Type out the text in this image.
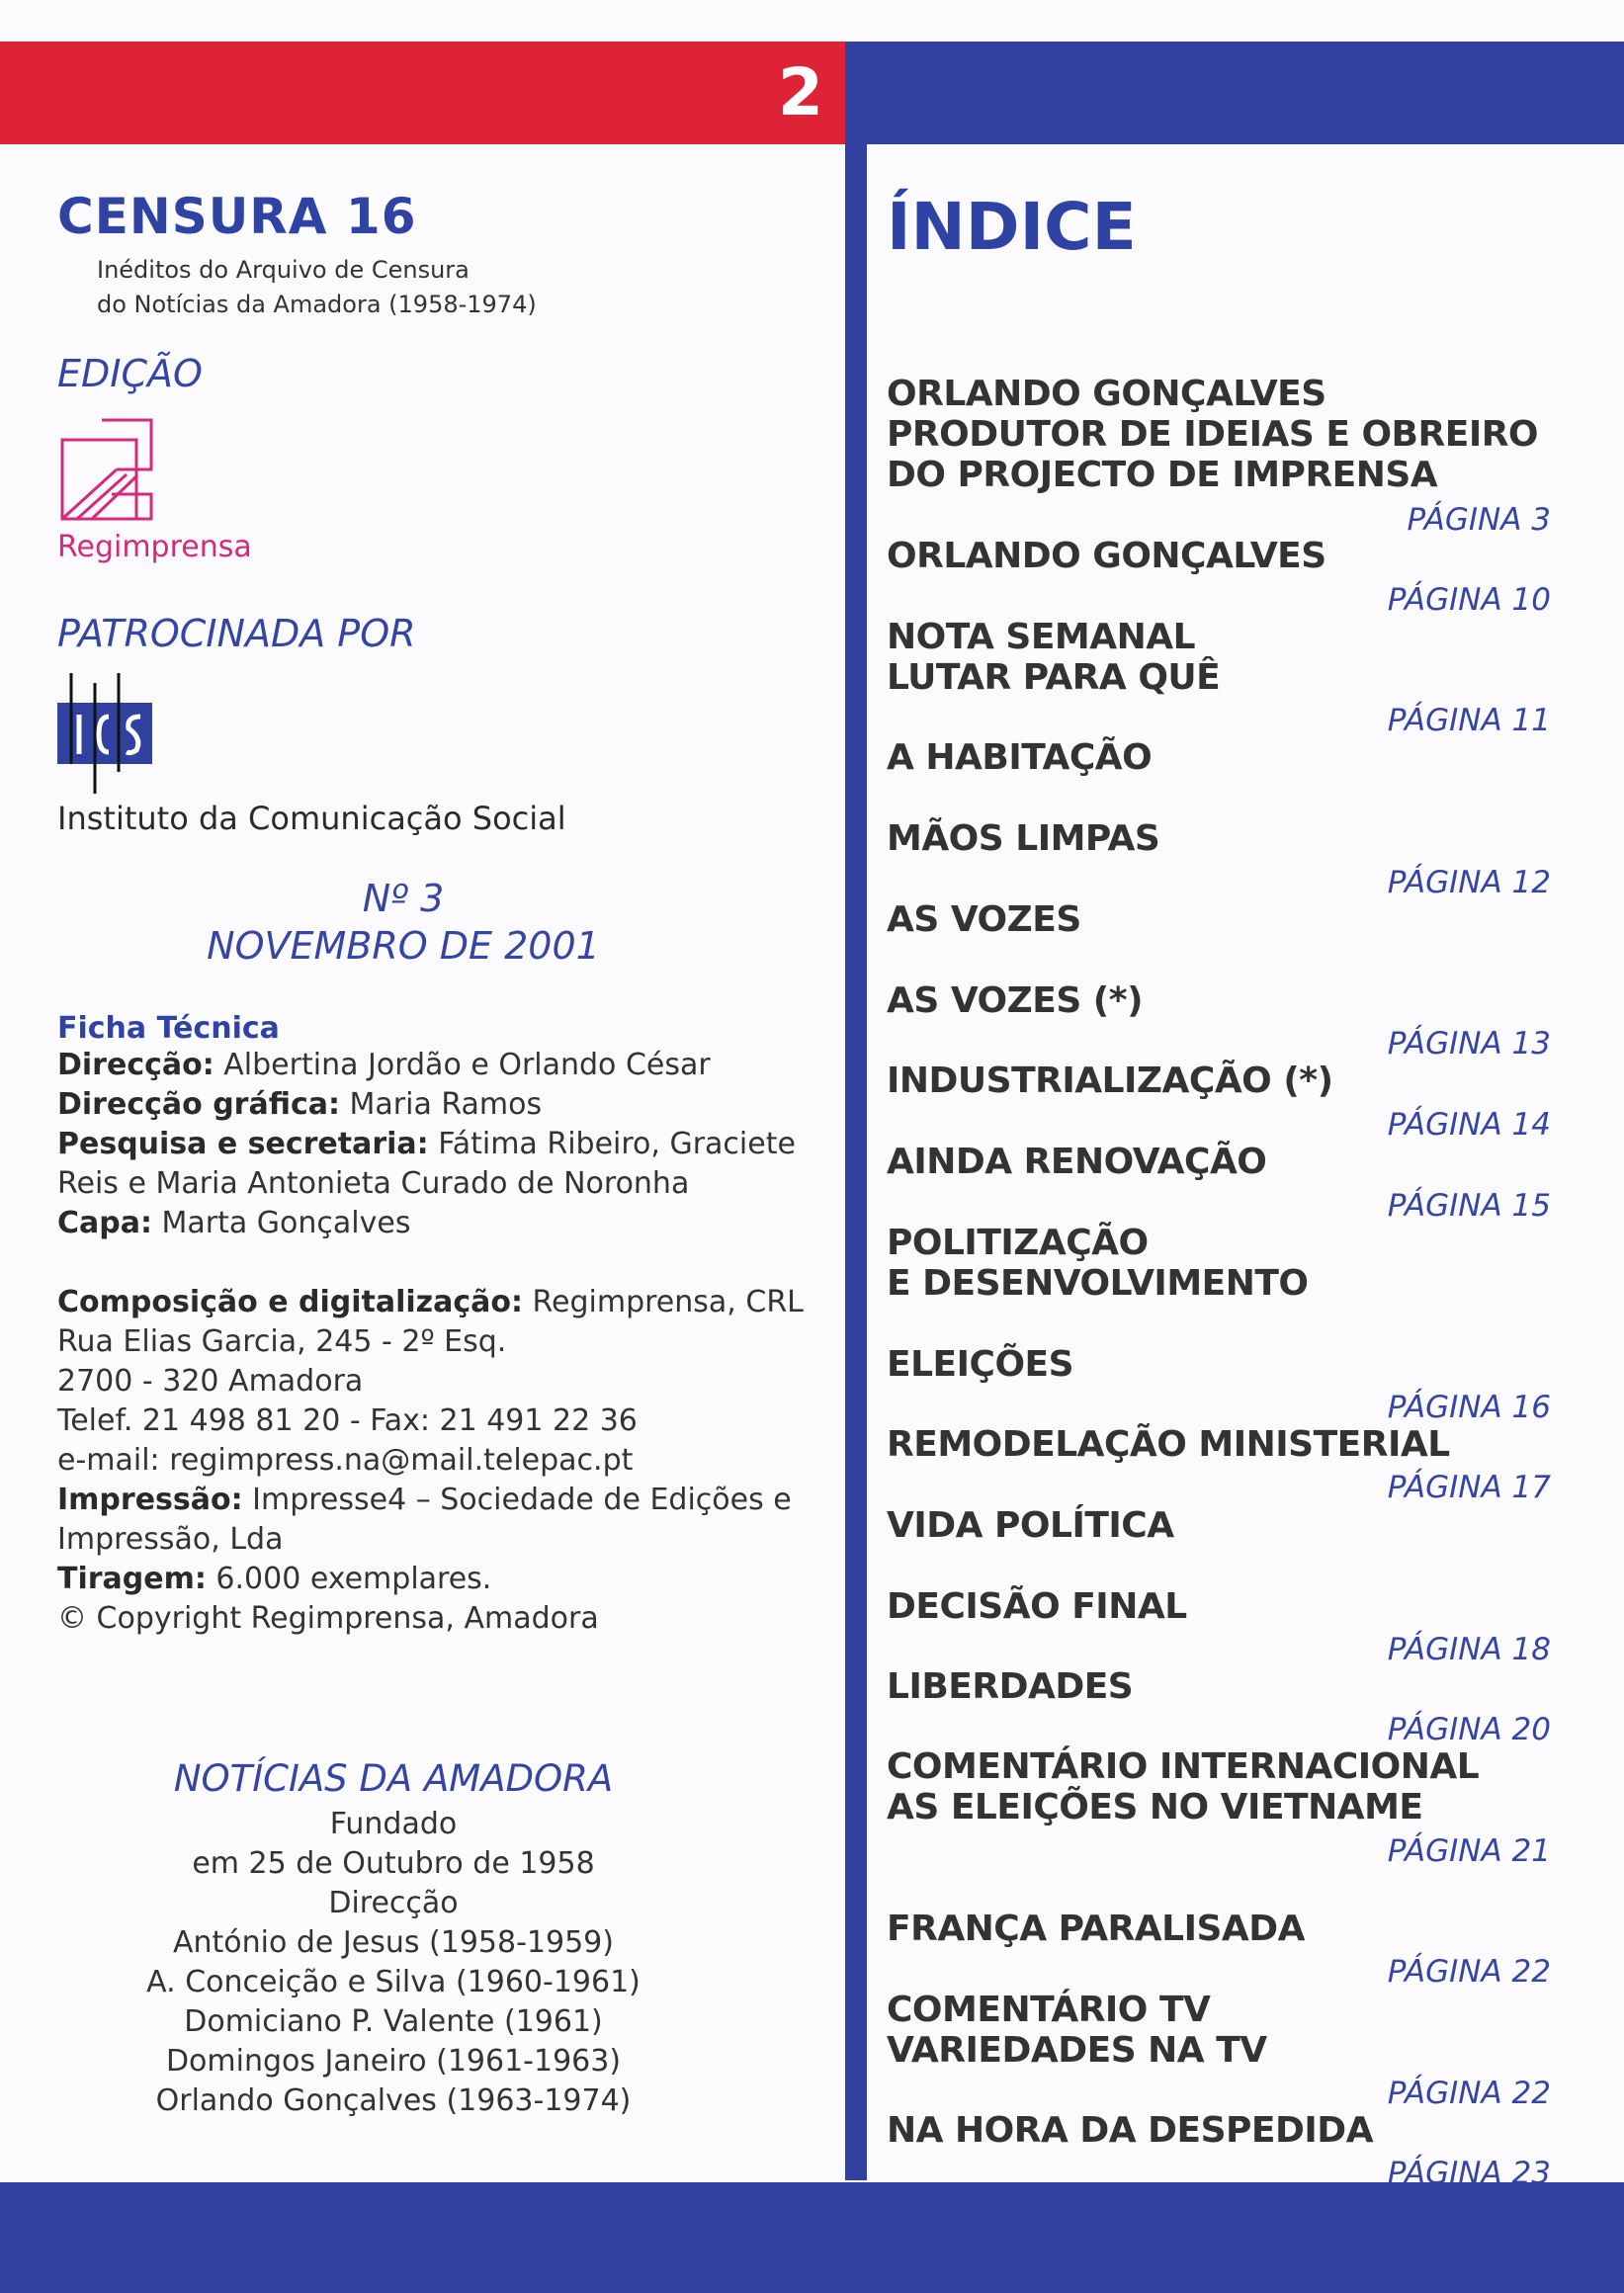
2
CENSURA 16
Inéditos do Arquivo de Censura
do Notícias da Amadora (1958-1974)
EDIÇÃO
Regimprensa
PATROCINADA POR
Instituto da Comunicação Social
Nº 3
NOVEMBRO DE 2001
Ficha Técnica

Direcção: Albertina Jordão e Orlando César

Direcção gráfica: Maria Ramos

Pesquisa e secretaria: Fátima Ribeiro, Graciete

Reis e Maria Antonieta Curado de Noronha

Capa: Marta Gonçalves

Composição e digitalização: Regimprensa, CRL

Rua Elias Garcia, 245 - 2º Esq.

2700 - 320 Amadora

Telef. 21 498 81 20 - Fax: 21 491 22 36

e-mail: regimpress.na@mail.telepac.pt

Impressão: Impresse4 – Sociedade de Edições e

Impressão, Lda

Tiragem: 6.000 exemplares.

© Copyright Regimprensa, Amadora

NOTÍCIAS DA AMADORA
Fundado
em 25 de Outubro de 1958
Direcção
António de Jesus (1958-1959)
A. Conceição e Silva (1960-1961)
Domiciano P. Valente (1961)
Domingos Janeiro (1961-1963)
Orlando Gonçalves (1963-1974)
ÍNDICE
ORLANDO GONÇALVES
PRODUTOR DE IDEIAS E OBREIRO
DO PROJECTO DE IMPRENSA
PÁGINA 3
ORLANDO GONÇALVES
PÁGINA 10
NOTA SEMANAL
LUTAR PARA QUÊ
PÁGINA 11
A HABITAÇÃO
MÃOS LIMPAS
PÁGINA 12
AS VOZES
AS VOZES (*)
PÁGINA 13
INDUSTRIALIZAÇÃO (*)
PÁGINA 14
AINDA RENOVAÇÃO
PÁGINA 15
POLITIZAÇÃO
E DESENVOLVIMENTO
ELEIÇÕES
PÁGINA 16
REMODELAÇÃO MINISTERIAL
PÁGINA 17
VIDA POLÍTICA
DECISÃO FINAL
PÁGINA 18
LIBERDADES
PÁGINA 20
COMENTÁRIO INTERNACIONAL
AS ELEIÇÕES NO VIETNAME
PÁGINA 21
FRANÇA PARALISADA
PÁGINA 22
COMENTÁRIO TV
VARIEDADES NA TV
PÁGINA 22
NA HORA DA DESPEDIDA
PÁGINA 23
